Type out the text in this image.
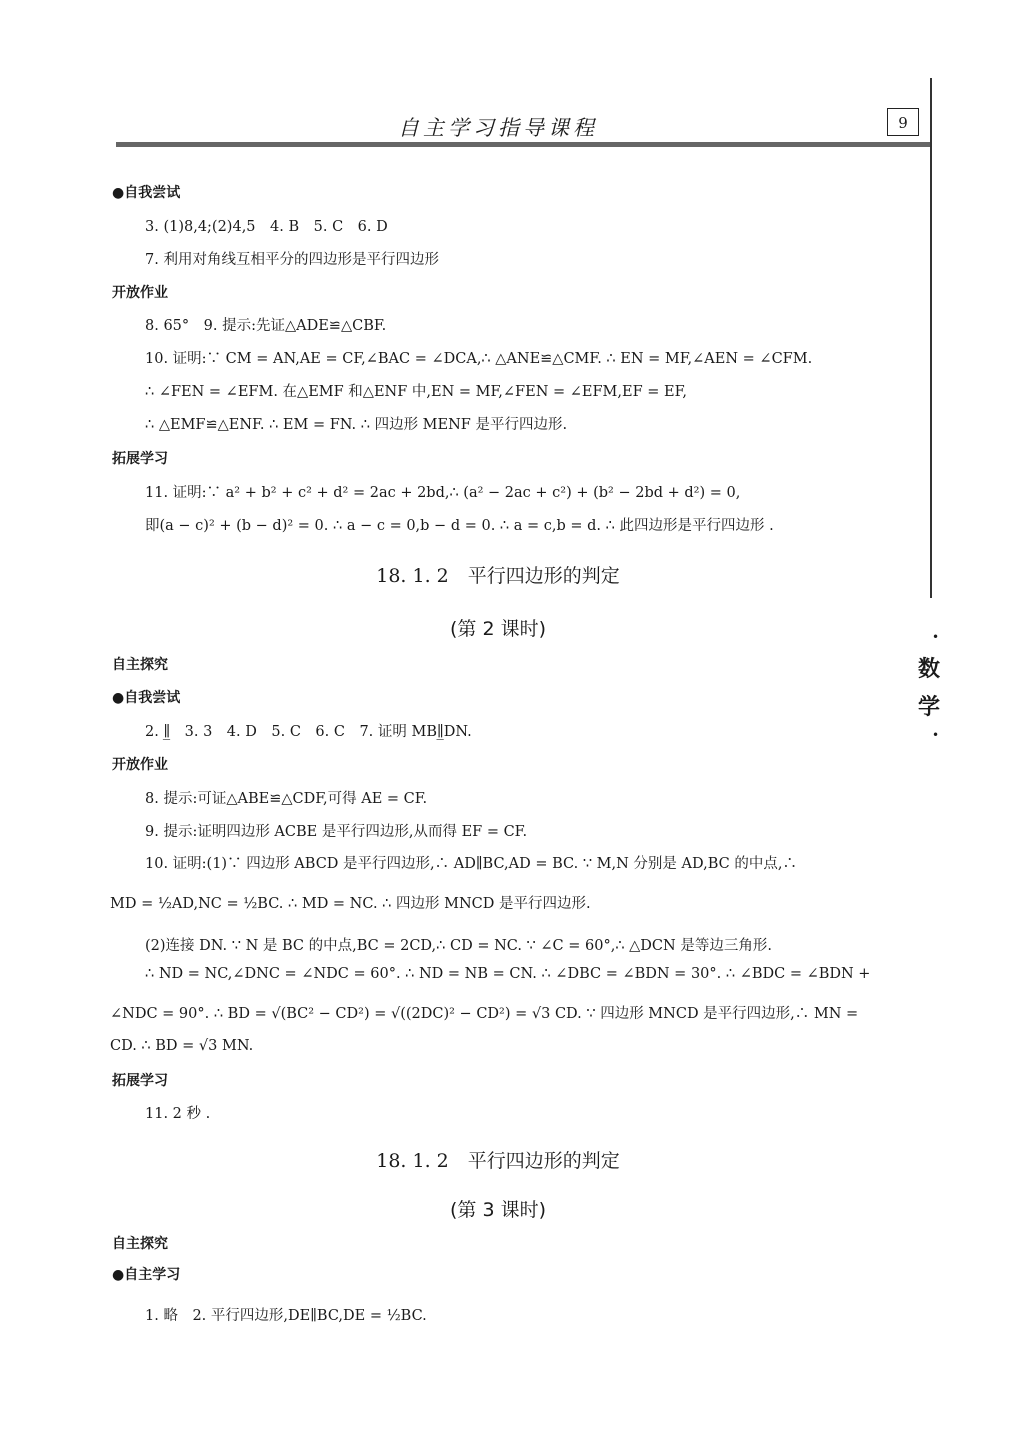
自主学习指导课程	9
•
数
学
•
●自我尝试
3. (1)8,4;(2)4,5　4. B　5. C　6. D
7. 利用对角线互相平分的四边形是平行四边形
开放作业
8. 65°　9. 提示:先证△ADE≌△CBF.
10. 证明:∵ CM = AN,AE = CF,∠BAC = ∠DCA,∴ △ANE≌△CMF. ∴ EN = MF,∠AEN = ∠CFM.
∴ ∠FEN = ∠EFM. 在△EMF 和△ENF 中,EN = MF,∠FEN = ∠EFM,EF = EF,
∴ △EMF≌△ENF. ∴ EM = FN. ∴ 四边形 MENF 是平行四边形.
拓展学习
11. 证明:∵ a² + b² + c² + d² = 2ac + 2bd,∴ (a² − 2ac + c²) + (b² − 2bd + d²) = 0,
即(a − c)² + (b − d)² = 0. ∴ a − c = 0,b − d = 0. ∴ a = c,b = d. ∴ 此四边形是平行四边形 .
18. 1. 2　平行四边形的判定
(第 2 课时)
自主探究
●自我尝试
2. ∥̲　3. 3　4. D　5. C　6. C　7. 证明 MB∥̲DN.
开放作业
8. 提示:可证△ABE≌△CDF,可得 AE = CF.
9. 提示:证明四边形 ACBE 是平行四边形,从而得 EF = CF.
10. 证明:(1)∵ 四边形 ABCD 是平行四边形,∴ AD∥BC,AD = BC. ∵ M,N 分别是 AD,BC 的中点,∴
MD = ½AD,NC = ½BC. ∴ MD = NC. ∴ 四边形 MNCD 是平行四边形.
(2)连接 DN. ∵ N 是 BC 的中点,BC = 2CD,∴ CD = NC. ∵ ∠C = 60°,∴ △DCN 是等边三角形.
∴ ND = NC,∠DNC = ∠NDC = 60°. ∴ ND = NB = CN. ∴ ∠DBC = ∠BDN = 30°. ∴ ∠BDC = ∠BDN +
∠NDC = 90°. ∴ BD = √(BC² − CD²) = √((2DC)² − CD²) = √3 CD. ∵ 四边形 MNCD 是平行四边形,∴ MN =
CD. ∴ BD = √3 MN.
拓展学习
11. 2 秒 .
18. 1. 2　平行四边形的判定
(第 3 课时)
自主探究
●自主学习
1. 略　2. 平行四边形,DE∥BC,DE = ½BC.
